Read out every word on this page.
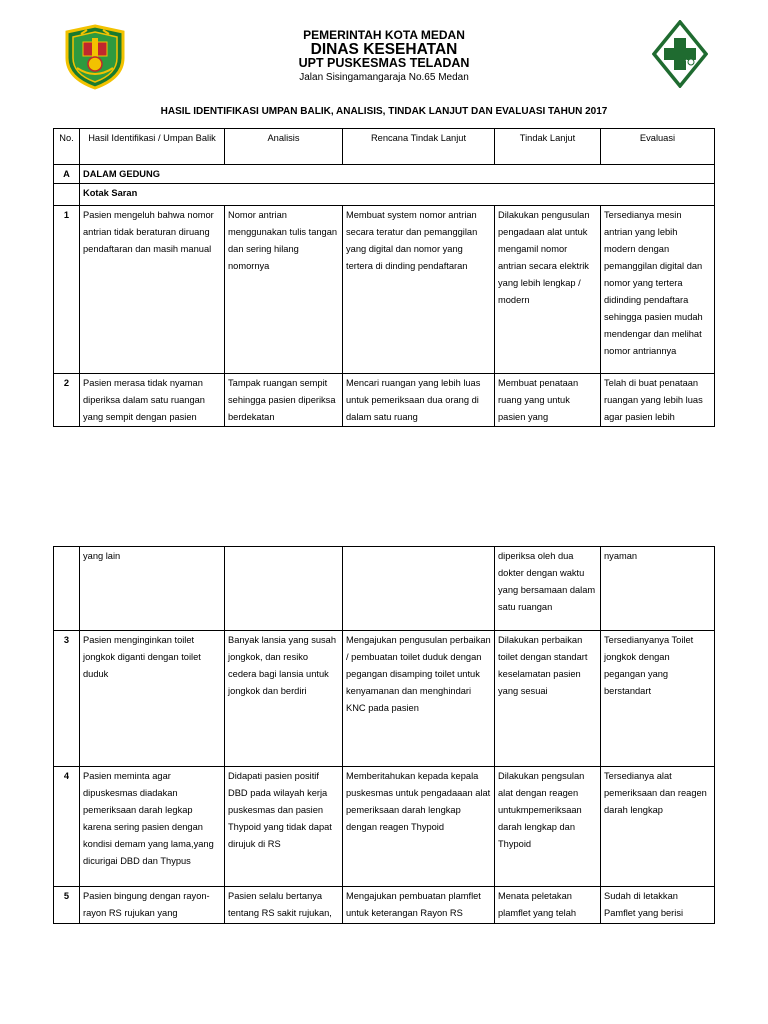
PEMERINTAH KOTA MEDAN
DINAS KESEHATAN
UPT PUSKESMAS TELADAN
Jalan Sisingamangaraja No.65 Medan
HASIL IDENTIFIKASI UMPAN BALIK, ANALISIS, TINDAK LANJUT DAN EVALUASI TAHUN 2017
No.	Hasil Identifikasi / Umpan Balik	Analisis	Rencana Tindak Lanjut	Tindak Lanjut	Evaluasi
A	DALAM GEDUNG				
	Kotak Saran				
1	Pasien mengeluh bahwa nomor antrian tidak beraturan diruang pendaftaran dan masih manual	Nomor antrian menggunakan tulis tangan dan sering hilang nomornya	Membuat system nomor antrian secara teratur dan pemanggilan yang digital dan nomor yang tertera di dinding pendaftaran	Dilakukan pengusulan pengadaan alat untuk mengamil nomor antrian secara elektrik yang lebih lengkap / modern	Tersedianya mesin antrian yang lebih modern dengan pemanggilan digital dan nomor yang tertera didinding pendaftara sehingga pasien mudah mendengar dan melihat nomor antriannya
2	Pasien merasa tidak nyaman diperiksa dalam satu ruangan yang sempit dengan pasien	Tampak ruangan sempit sehingga pasien diperiksa berdekatan	Mencari ruangan yang lebih luas untuk pemeriksaan dua orang di dalam satu ruang	Membuat penataan ruang yang untuk pasien yang	Telah di buat penataan ruangan yang lebih luas agar pasien lebih
	yang lain			diperiksa oleh dua dokter dengan waktu yang bersamaan dalam satu ruangan	nyaman
3	Pasien menginginkan toilet jongkok diganti dengan toilet duduk	Banyak lansia yang susah jongkok, dan resiko cedera bagi lansia untuk jongkok dan berdiri	Mengajukan pengusulan perbaikan / pembuatan toilet duduk dengan pegangan disamping toilet untuk kenyamanan dan menghindari KNC pada pasien	Dilakukan perbaikan toilet dengan standart keselamatan pasien yang sesuai	Tersedianyanya Toilet jongkok dengan pegangan yang berstandart
4	Pasien meminta agar dipuskesmas diadakan pemeriksaan darah legkap karena sering pasien dengan kondisi demam yang lama,yang dicurigai DBD dan Thypus	Didapati pasien positif DBD pada wilayah kerja puskesmas dan pasien Thypoid yang tidak dapat dirujuk di RS	Memberitahukan kepada kepala puskesmas untuk pengadaaan alat pemeriksaan darah lengkap dengan reagen Thypoid	Dilakukan pengsulan alat dengan reagen untukmpemeriksaan darah lengkap dan Thypoid	Tersedianya alat pemeriksaan dan reagen darah lengkap
5	Pasien bingung dengan rayon-rayon RS rujukan yang	Pasien selalu bertanya tentang RS sakit rujukan,	Mengajukan pembuatan plamflet untuk keterangan Rayon RS	Menata peletakan plamflet yang telah	Sudah di letakkan Pamflet yang berisi
